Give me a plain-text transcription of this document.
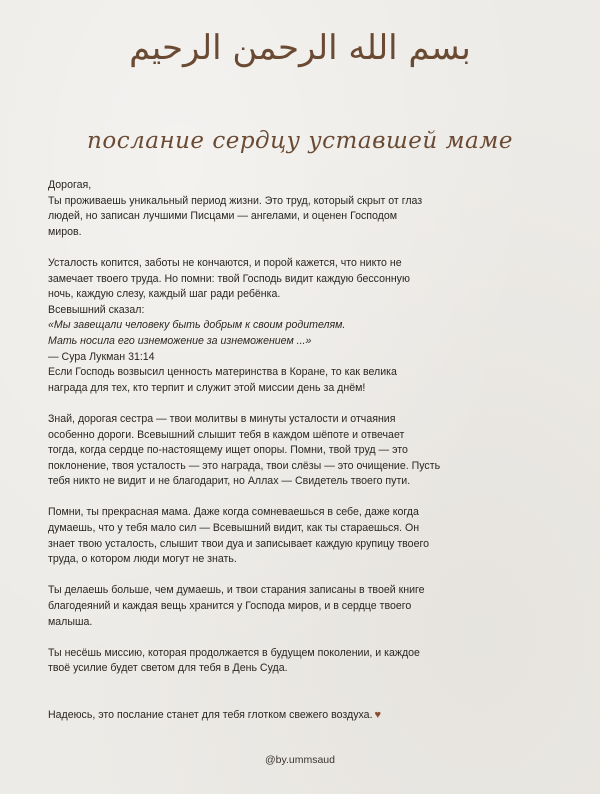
بسم الله الرحمن الرحيم
послание сердцу уставшей маме

Дорогая,

Ты проживаешь уникальный период жизни. Это труд, который скрыт от глаз

людей, но записан лучшими Писцами — ангелами, и оценен Господом

миров.

Усталость копится, заботы не кончаются, и порой кажется, что никто не

замечает твоего труда. Но помни: твой Господь видит каждую бессонную

ночь, каждую слезу, каждый шаг ради ребёнка.

Всевышний сказал:

«Мы завещали человеку быть добрым к своим родителям.

Мать носила его изнеможение за изнеможением ...»

— Сура Лукман 31:14

Если Господь возвысил ценность материнства в Коране, то как велика

награда для тех, кто терпит и служит этой миссии день за днём!

Знай, дорогая сестра — твои молитвы в минуты усталости и отчаяния

особенно дороги. Всевышний слышит тебя в каждом шёпоте и отвечает

тогда, когда сердце по-настоящему ищет опоры. Помни, твой труд — это

поклонение, твоя усталость — это награда, твои слёзы — это очищение. Пусть

тебя никто не видит и не благодарит, но Аллах — Свидетель твоего пути.

Помни, ты прекрасная мама. Даже когда сомневаешься в себе, даже когда

думаешь, что у тебя мало сил — Всевышний видит, как ты стараешься. Он

знает твою усталость, слышит твои дуа и записывает каждую крупицу твоего

труда, о котором люди могут не знать.

Ты делаешь больше, чем думаешь, и твои старания записаны в твоей книге

благодеяний и каждая вещь хранится у Господа миров, и в сердце твоего

малыша.

Ты несёшь миссию, которая продолжается в будущем поколении, и каждое

твоё усилие будет светом для тебя в День Суда.

Надеюсь, это послание станет для тебя глотком свежего воздуха. ♥

@by.ummsaud
